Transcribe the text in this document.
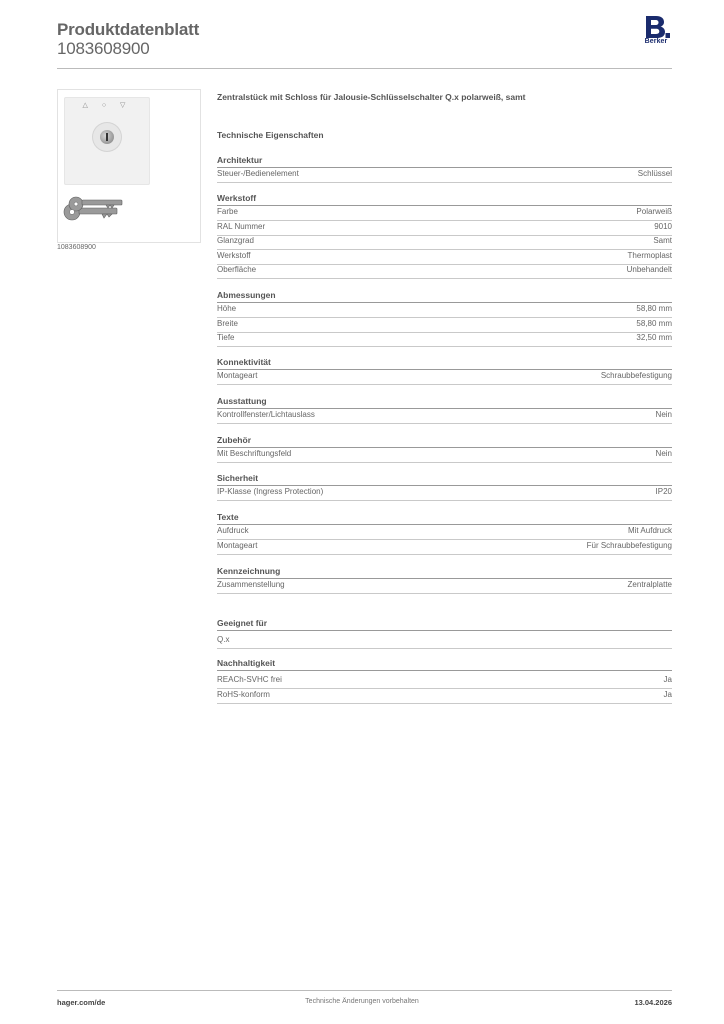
Produktdatenblatt
1083608900	Berker
△ ○ ▽
1083608900
Zentralstück mit Schloss für Jalousie-Schlüsselschalter Q.x polarweiß, samt
Technische Eigenschaften
Architektur
Steuer-/Bedienelement	Schlüssel
Werkstoff
Farbe	Polarweiß
RAL Nummer	9010
Glanzgrad	Samt
Werkstoff	Thermoplast
Oberfläche	Unbehandelt
Abmessungen
Höhe	58,80 mm
Breite	58,80 mm
Tiefe	32,50 mm
Konnektivität
Montageart	Schraubbefestigung
Ausstattung
Kontrollfenster/Lichtauslass	Nein
Zubehör
Mit Beschriftungsfeld	Nein
Sicherheit
IP-Klasse (Ingress Protection)	IP20
Texte
Aufdruck	Mit Aufdruck
Montageart	Für Schraubbefestigung
Kennzeichnung
Zusammenstellung	Zentralplatte
Geeignet für
Q.x
Nachhaltigkeit
REACh-SVHC frei	Ja
RoHS-konform	Ja
hager.com/de	Technische Änderungen vorbehalten	13.04.2026
